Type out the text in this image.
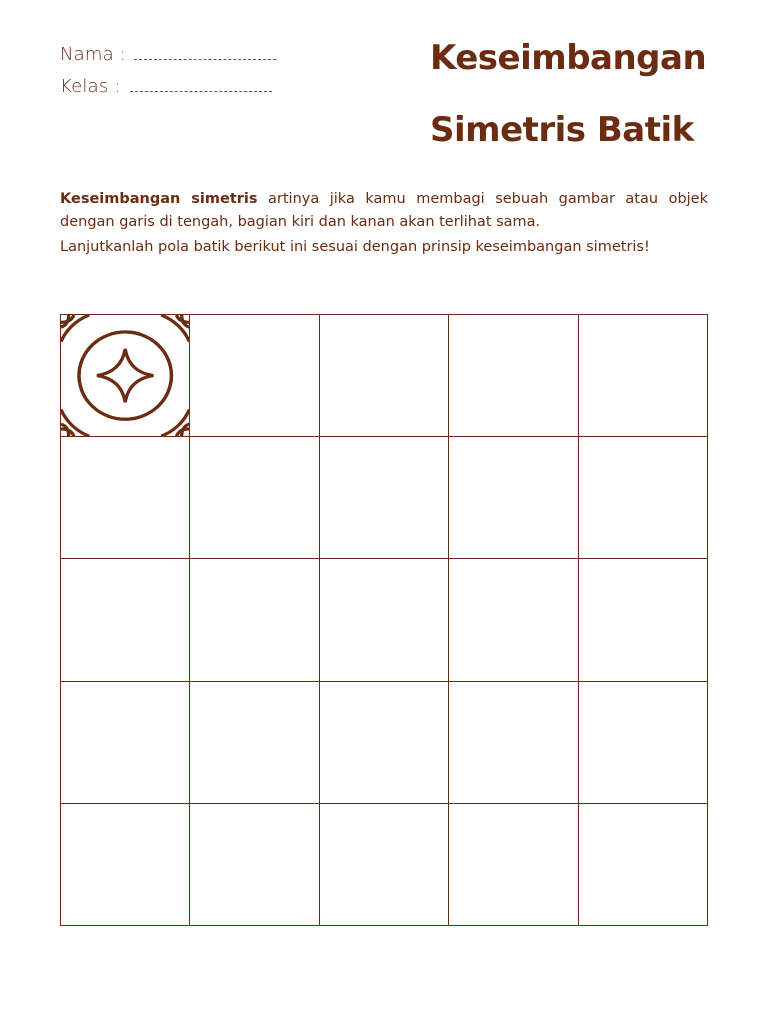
Nama :
Kelas :
Keseimbangan
Simetris Batik

Keseimbangan simetris artinya jika kamu membagi sebuah gambar atau objek dengan garis di tengah, bagian kiri dan kanan akan terlihat sama.

Lanjutkanlah pola batik berikut ini sesuai dengan prinsip keseimbangan simetris!
